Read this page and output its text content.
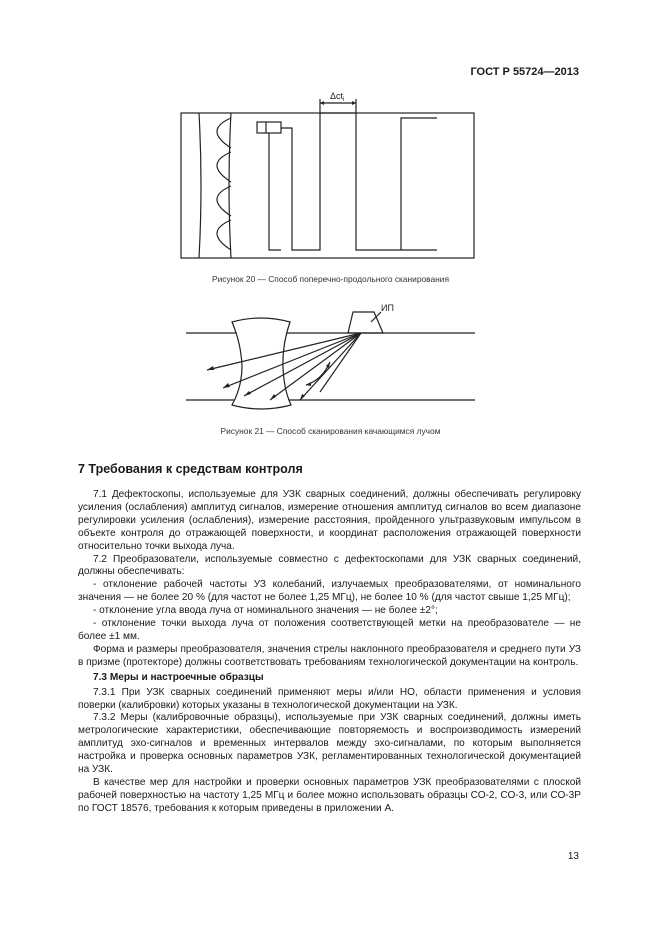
ГОСТ Р 55724—2013
Δct$_i$
Рисунок 20 — Способ поперечно-продольного сканирования
ИП
Рисунок 21 — Способ сканирования качающимся лучом
7 Требования к средствам контроля

7.1 Дефектоскопы, используемые для УЗК сварных соединений, должны обеспечивать регулировку усиления (ослабления) амплитуд сигналов, измерение отношения амплитуд сигналов во всем диапазоне регулировки усиления (ослабления), измерение расстояния, пройденного ультразвуковым импульсом в объекте контроля до отражающей поверхности, и координат расположения отражающей поверхности относительно точки выхода луча.

7.2 Преобразователи, используемые совместно с дефектоскопами для УЗК сварных соединений, должны обеспечивать:

- отклонение рабочей частоты УЗ колебаний, излучаемых преобразователями, от номинального значения — не более 20 % (для частот не более 1,25 МГц), не более 10 % (для частот свыше 1,25 МГц);

- отклонение угла ввода луча от номинального значения — не более ±2°;

- отклонение точки выхода луча от положения соответствующей метки на преобразователе — не более ±1 мм.

Форма и размеры преобразователя, значения стрелы наклонного преобразователя и среднего пути УЗ в призме (протекторе) должны соответствовать требованиям технологической документации на контроль.

7.3 Меры и настроечные образцы

7.3.1 При УЗК сварных соединений применяют меры и/или НО, области применения и условия поверки (калибровки) которых указаны в технологической документации на УЗК.

7.3.2 Меры (калибровочные образцы), используемые при УЗК сварных соединений, должны иметь метрологические характеристики, обеспечивающие повторяемость и воспроизводимость измерений амплитуд эхо-сигналов и временных интервалов между эхо-сигналами, по которым выполняется настройка и проверка основных параметров УЗК, регламентированных технологической документацией на УЗК.

В качестве мер для настройки и проверки основных параметров УЗК преобразователями с плоской рабочей поверхностью на частоту 1,25 МГц и более можно использовать образцы СО-2, СО-3, или СО-3Р по ГОСТ 18576, требования к которым приведены в приложении А.

13
